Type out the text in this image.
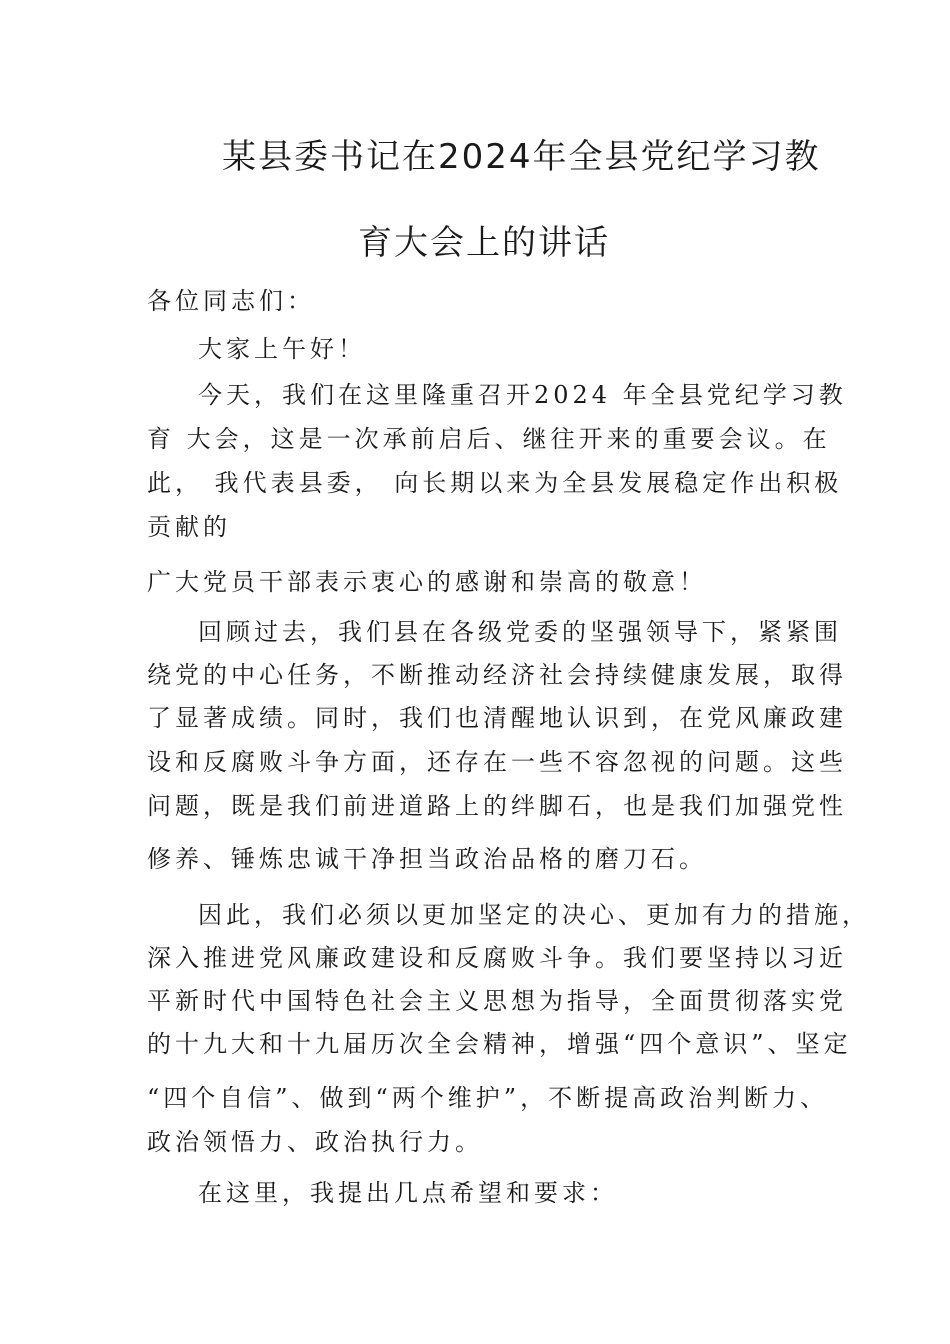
某县委书记在2024年全县党纪学习教
育大会上的讲话
各位同志们：
大家上午好！
今天，我们在这里隆重召开2024 年全县党纪学习教
育 大会，这是一次承前启后、继往开来的重要会议。在
此， 我代表县委， 向长期以来为全县发展稳定作出积极
贡献的
广大党员干部表示衷心的感谢和崇高的敬意！
回顾过去，我们县在各级党委的坚强领导下，紧紧围
绕党的中心任务，不断推动经济社会持续健康发展，取得
了显著成绩。同时，我们也清醒地认识到，在党风廉政建
设和反腐败斗争方面，还存在一些不容忽视的问题。这些
问题，既是我们前进道路上的绊脚石，也是我们加强党性
修养、锤炼忠诚干净担当政治品格的磨刀石。
因此，我们必须以更加坚定的决心、更加有力的措施，
深入推进党风廉政建设和反腐败斗争。我们要坚持以习近
平新时代中国特色社会主义思想为指导，全面贯彻落实党
的十九大和十九届历次全会精神，增强“四个意识”、坚定
“四个自信”、做到“两个维护”，不断提高政治判断力、
政治领悟力、政治执行力。
在这里，我提出几点希望和要求：
